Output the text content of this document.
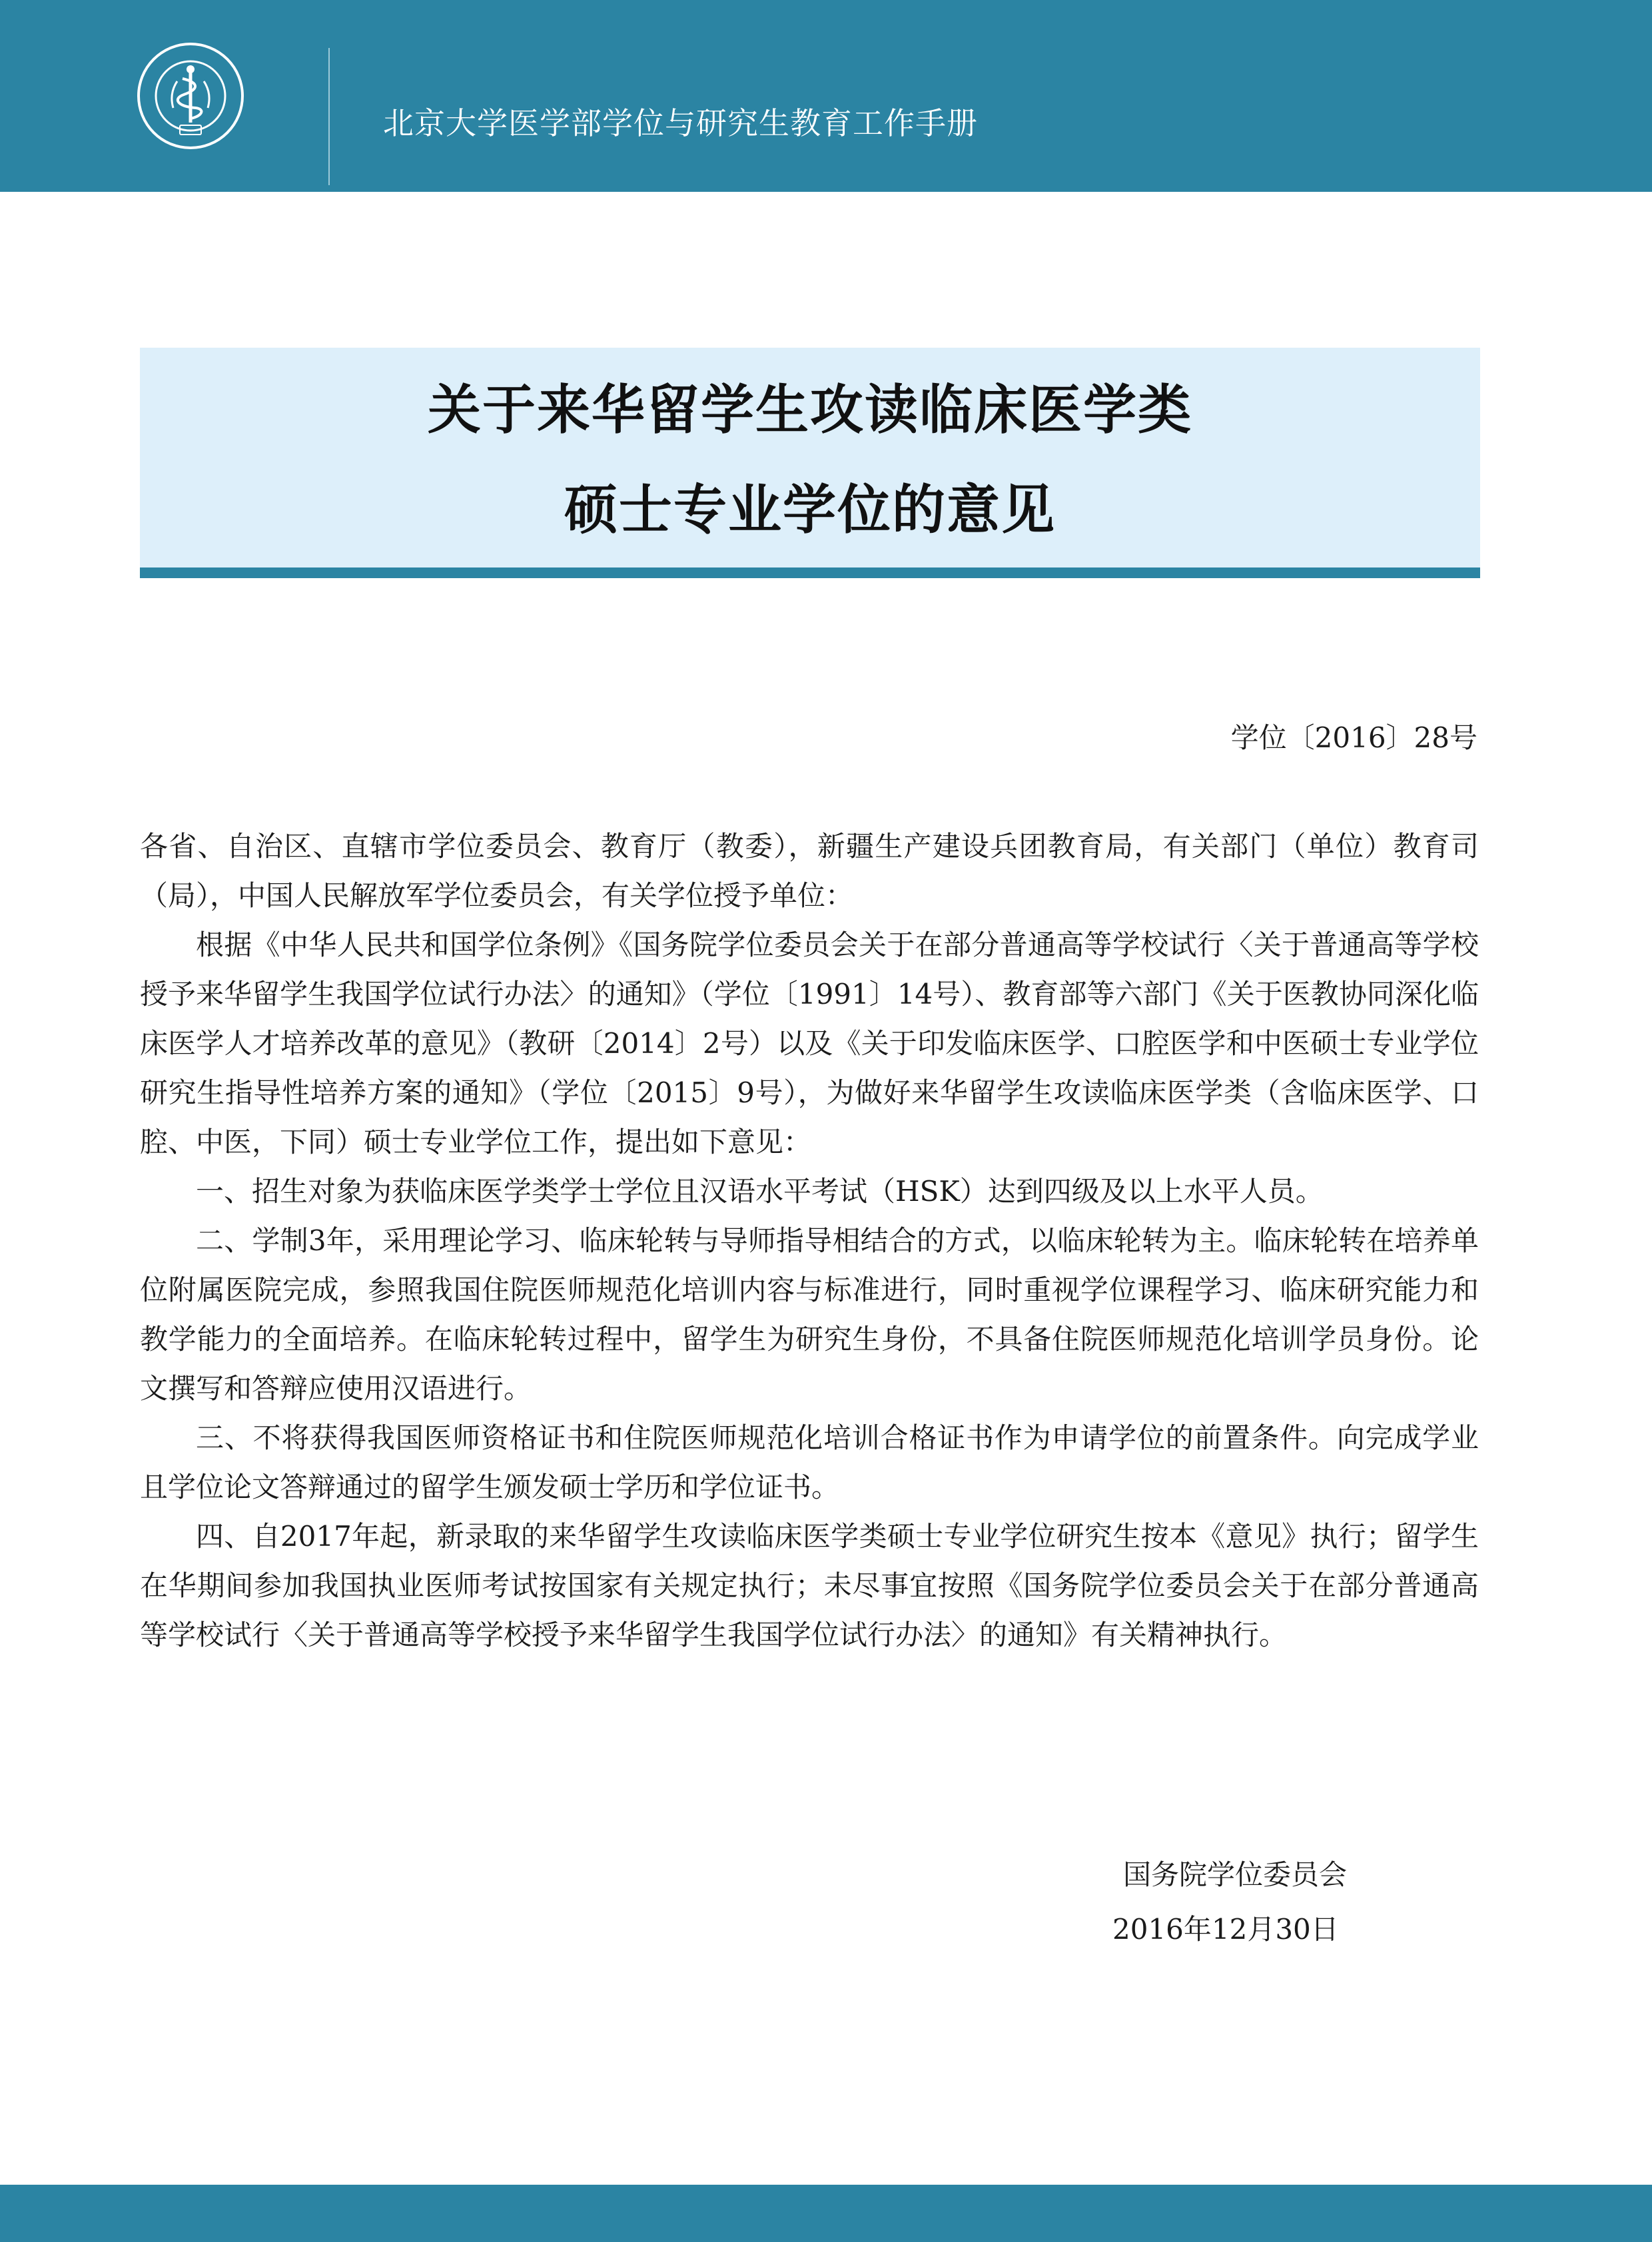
北京大学医学部学位与研究生教育工作手册
关于来华留学生攻读临床医学类
硕士专业学位的意见
学位〔2016〕28号

各省、自治区、直辖市学位委员会、教育厅（教委），新疆生产建设兵团教育局，有关部门（单位）教育司（局），中国人民解放军学位委员会，有关学位授予单位：

根据《中华人民共和国学位条例》《国务院学位委员会关于在部分普通高等学校试行〈关于普通高等学校授予来华留学生我国学位试行办法〉的通知》（学位〔1991〕14号）、教育部等六部门《关于医教协同深化临床医学人才培养改革的意见》（教研〔2014〕2号）以及《关于印发临床医学、口腔医学和中医硕士专业学位研究生指导性培养方案的通知》（学位〔2015〕9号），为做好来华留学生攻读临床医学类（含临床医学、口腔、中医，下同）硕士专业学位工作，提出如下意见：

一、招生对象为获临床医学类学士学位且汉语水平考试（HSK）达到四级及以上水平人员。

二、学制3年，采用理论学习、临床轮转与导师指导相结合的方式，以临床轮转为主。临床轮转在培养单位附属医院完成，参照我国住院医师规范化培训内容与标准进行，同时重视学位课程学习、临床研究能力和教学能力的全面培养。在临床轮转过程中，留学生为研究生身份，不具备住院医师规范化培训学员身份。论文撰写和答辩应使用汉语进行。

三、不将获得我国医师资格证书和住院医师规范化培训合格证书作为申请学位的前置条件。向完成学业且学位论文答辩通过的留学生颁发硕士学历和学位证书。

四、自2017年起，新录取的来华留学生攻读临床医学类硕士专业学位研究生按本《意见》执行；留学生在华期间参加我国执业医师考试按国家有关规定执行；未尽事宜按照《国务院学位委员会关于在部分普通高等学校试行〈关于普通高等学校授予来华留学生我国学位试行办法〉的通知》有关精神执行。

国务院学位委员会
2016年12月30日
